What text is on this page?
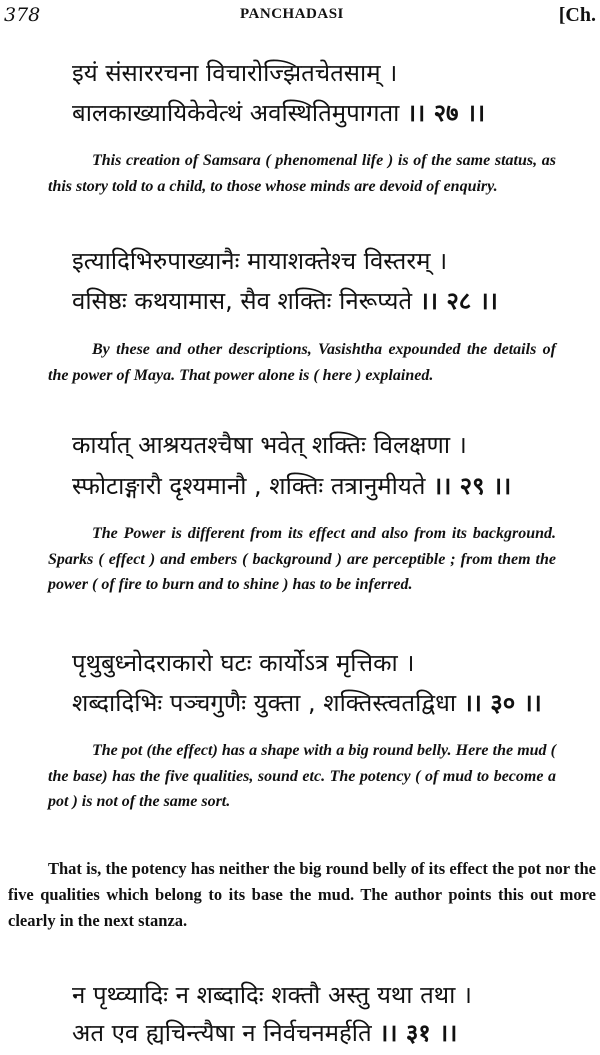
378	PANCHADASI	[Ch.
इयं संसाररचना विचारोज्झितचेतसाम् ।
बालकाख्यायिकेवेत्थं अवस्थितिमुपागता ।। २७ ।।

This creation of Samsara ( phenomenal life ) is of the same status, as this story told to a child, to those whose minds are devoid of enquiry.

इत्यादिभिरुपाख्यानैः मायाशक्तेश्च विस्तरम् ।
वसिष्ठः कथयामास, सैव शक्तिः निरूप्यते ।। २८ ।।

By these and other descriptions, Vasishtha expounded the details of the power of Maya. That power alone is ( here ) explained.

कार्यात् आश्रयतश्चैषा भवेत् शक्तिः विलक्षणा ।
स्फोटाङ्गारौ दृश्यमानौ , शक्तिः तत्रानुमीयते ।। २९ ।।

The Power is different from its effect and also from its background. Sparks ( effect ) and embers ( background ) are perceptible ; from them the power ( of fire to burn and to shine ) has to be inferred.

पृथुबुध्नोदराकारो घटः कार्योऽत्र मृत्तिका ।
शब्दादिभिः पञ्चगुणैः युक्ता , शक्तिस्त्वतद्विधा ।। ३० ।।

The pot (the effect) has a shape with a big round belly. Here the mud ( the base) has the five qualities, sound etc. The potency ( of mud to become a pot ) is not of the same sort.

That is, the potency has neither the big round belly of its effect the pot nor the five qualities which belong to its base the mud. The author points this out more clearly in the next stanza.

न पृथ्व्यादिः न शब्दादिः शक्तौ अस्तु यथा तथा ।
अत एव ह्यचिन्त्यैषा न निर्वचनमर्हति ।। ३१ ।।
